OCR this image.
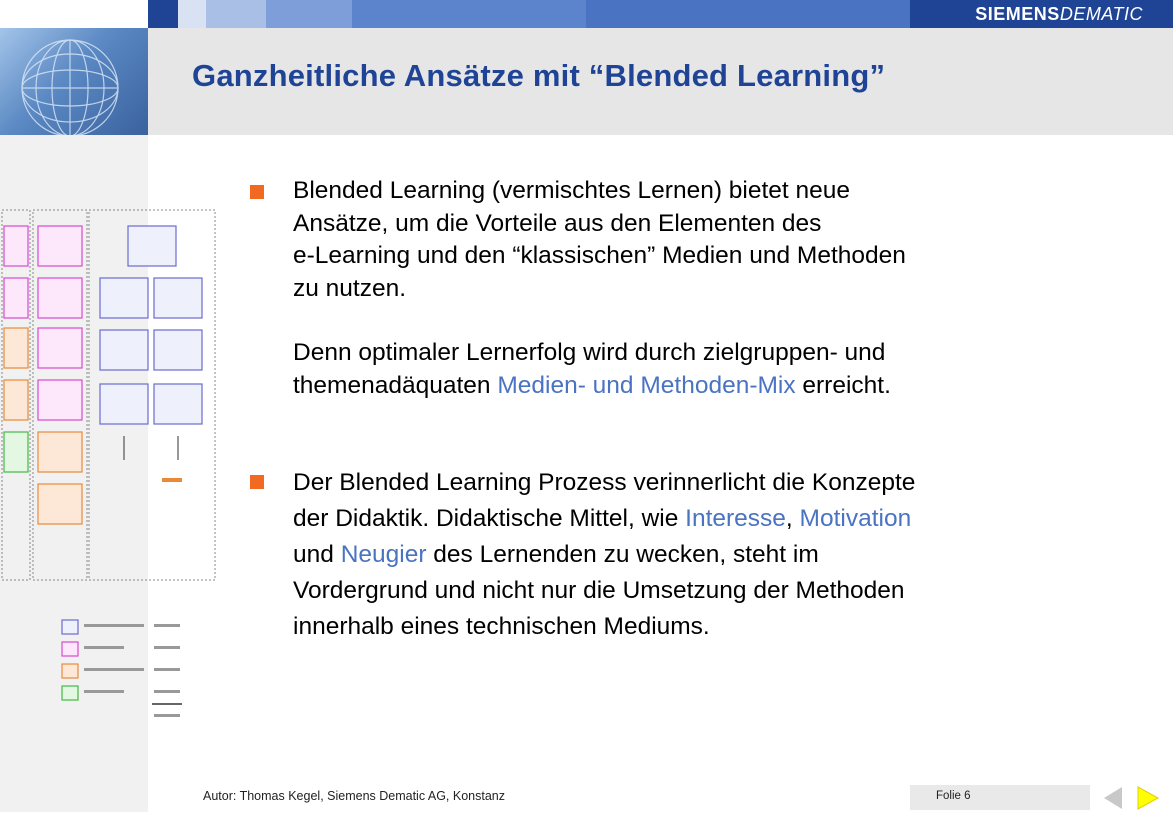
SIEMENSDEMATIC
Ganzheitliche Ansätze mit “Blended Learning”
Blended Learning (vermischtes Lernen) bietet neue
Ansätze, um die Vorteile aus den Elementen des
e-Learning und den “klassischen” Medien und Methoden
zu nutzen.
Denn optimaler Lernerfolg wird durch zielgruppen- und
themenadäquaten Medien- und Methoden-Mix erreicht.
Der Blended Learning Prozess verinnerlicht die Konzepte
der Didaktik. Didaktische Mittel, wie Interesse, Motivation
und Neugier des Lernenden zu wecken, steht im
Vordergrund und nicht nur die Umsetzung der Methoden
innerhalb eines technischen Mediums.
Autor: Thomas Kegel, Siemens Dematic AG, Konstanz	Folie 6
